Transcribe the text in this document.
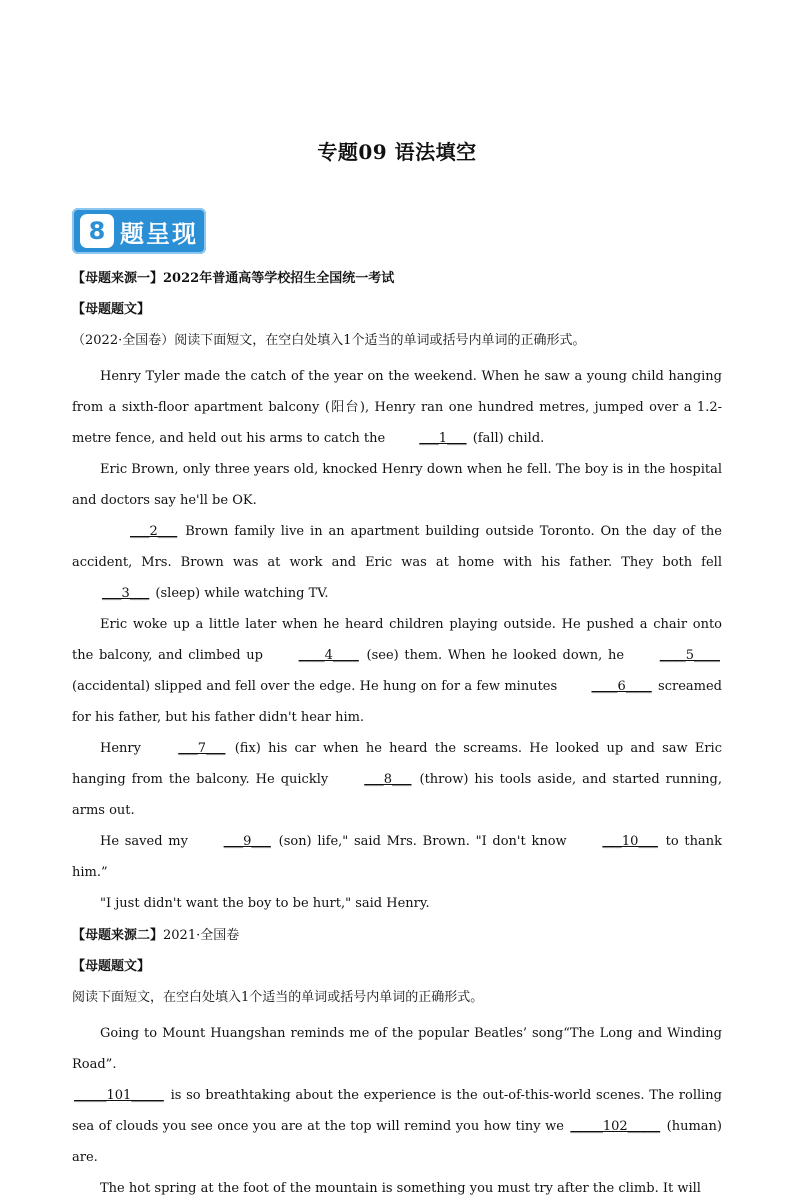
专题09 语法填空
8 题呈现
【母题来源一】2022年普通高等学校招生全国统一考试
【母题题文】
（2022·全国卷）阅读下面短文，在空白处填入1个适当的单词或括号内单词的正确形式。

Henry Tyler made the catch of the year on the weekend. When he saw a young child hanging from a sixth-floor apartment balcony (阳台), Henry ran one hundred metres, jumped over a 1.2-metre fence, and held out his arms to catch the ___1___ (fall) child.

Eric Brown, only three years old, knocked Henry down when he fell. The boy is in the hospital and doctors say he'll be OK.

___2___ Brown family live in an apartment building outside Toronto. On the day of the accident, Mrs. Brown was at work and Eric was at home with his father. They both fell ___3___ (sleep) while watching TV.

Eric woke up a little later when he heard children playing outside. He pushed a chair onto the balcony, and climbed up ____4____ (see) them. When he looked down, he ____5____ (accidental) slipped and fell over the edge. He hung on for a few minutes ____6____ screamed for his father, but his father didn't hear him.

Henry ___7___ (fix) his car when he heard the screams. He looked up and saw Eric hanging from the balcony. He quickly ___8___ (throw) his tools aside, and started running, arms out.

He saved my ___9___ (son) life," said Mrs. Brown. "I don't know ___10___ to thank him.”

"I just didn't want the boy to be hurt," said Henry.

【母题来源二】2021·全国卷
【母题题文】
阅读下面短文，在空白处填入1个适当的单词或括号内单词的正确形式。

Going to Mount Huangshan reminds me of the popular Beatles’ song“The Long and Winding Road”.

_____101_____ is so breathtaking about the experience is the out-of-this-world scenes. The rolling sea of clouds you see once you are at the top will remind you how tiny we _____102_____ (human) are.

The hot spring at the foot of the mountain is something you must try after the climb. It will
